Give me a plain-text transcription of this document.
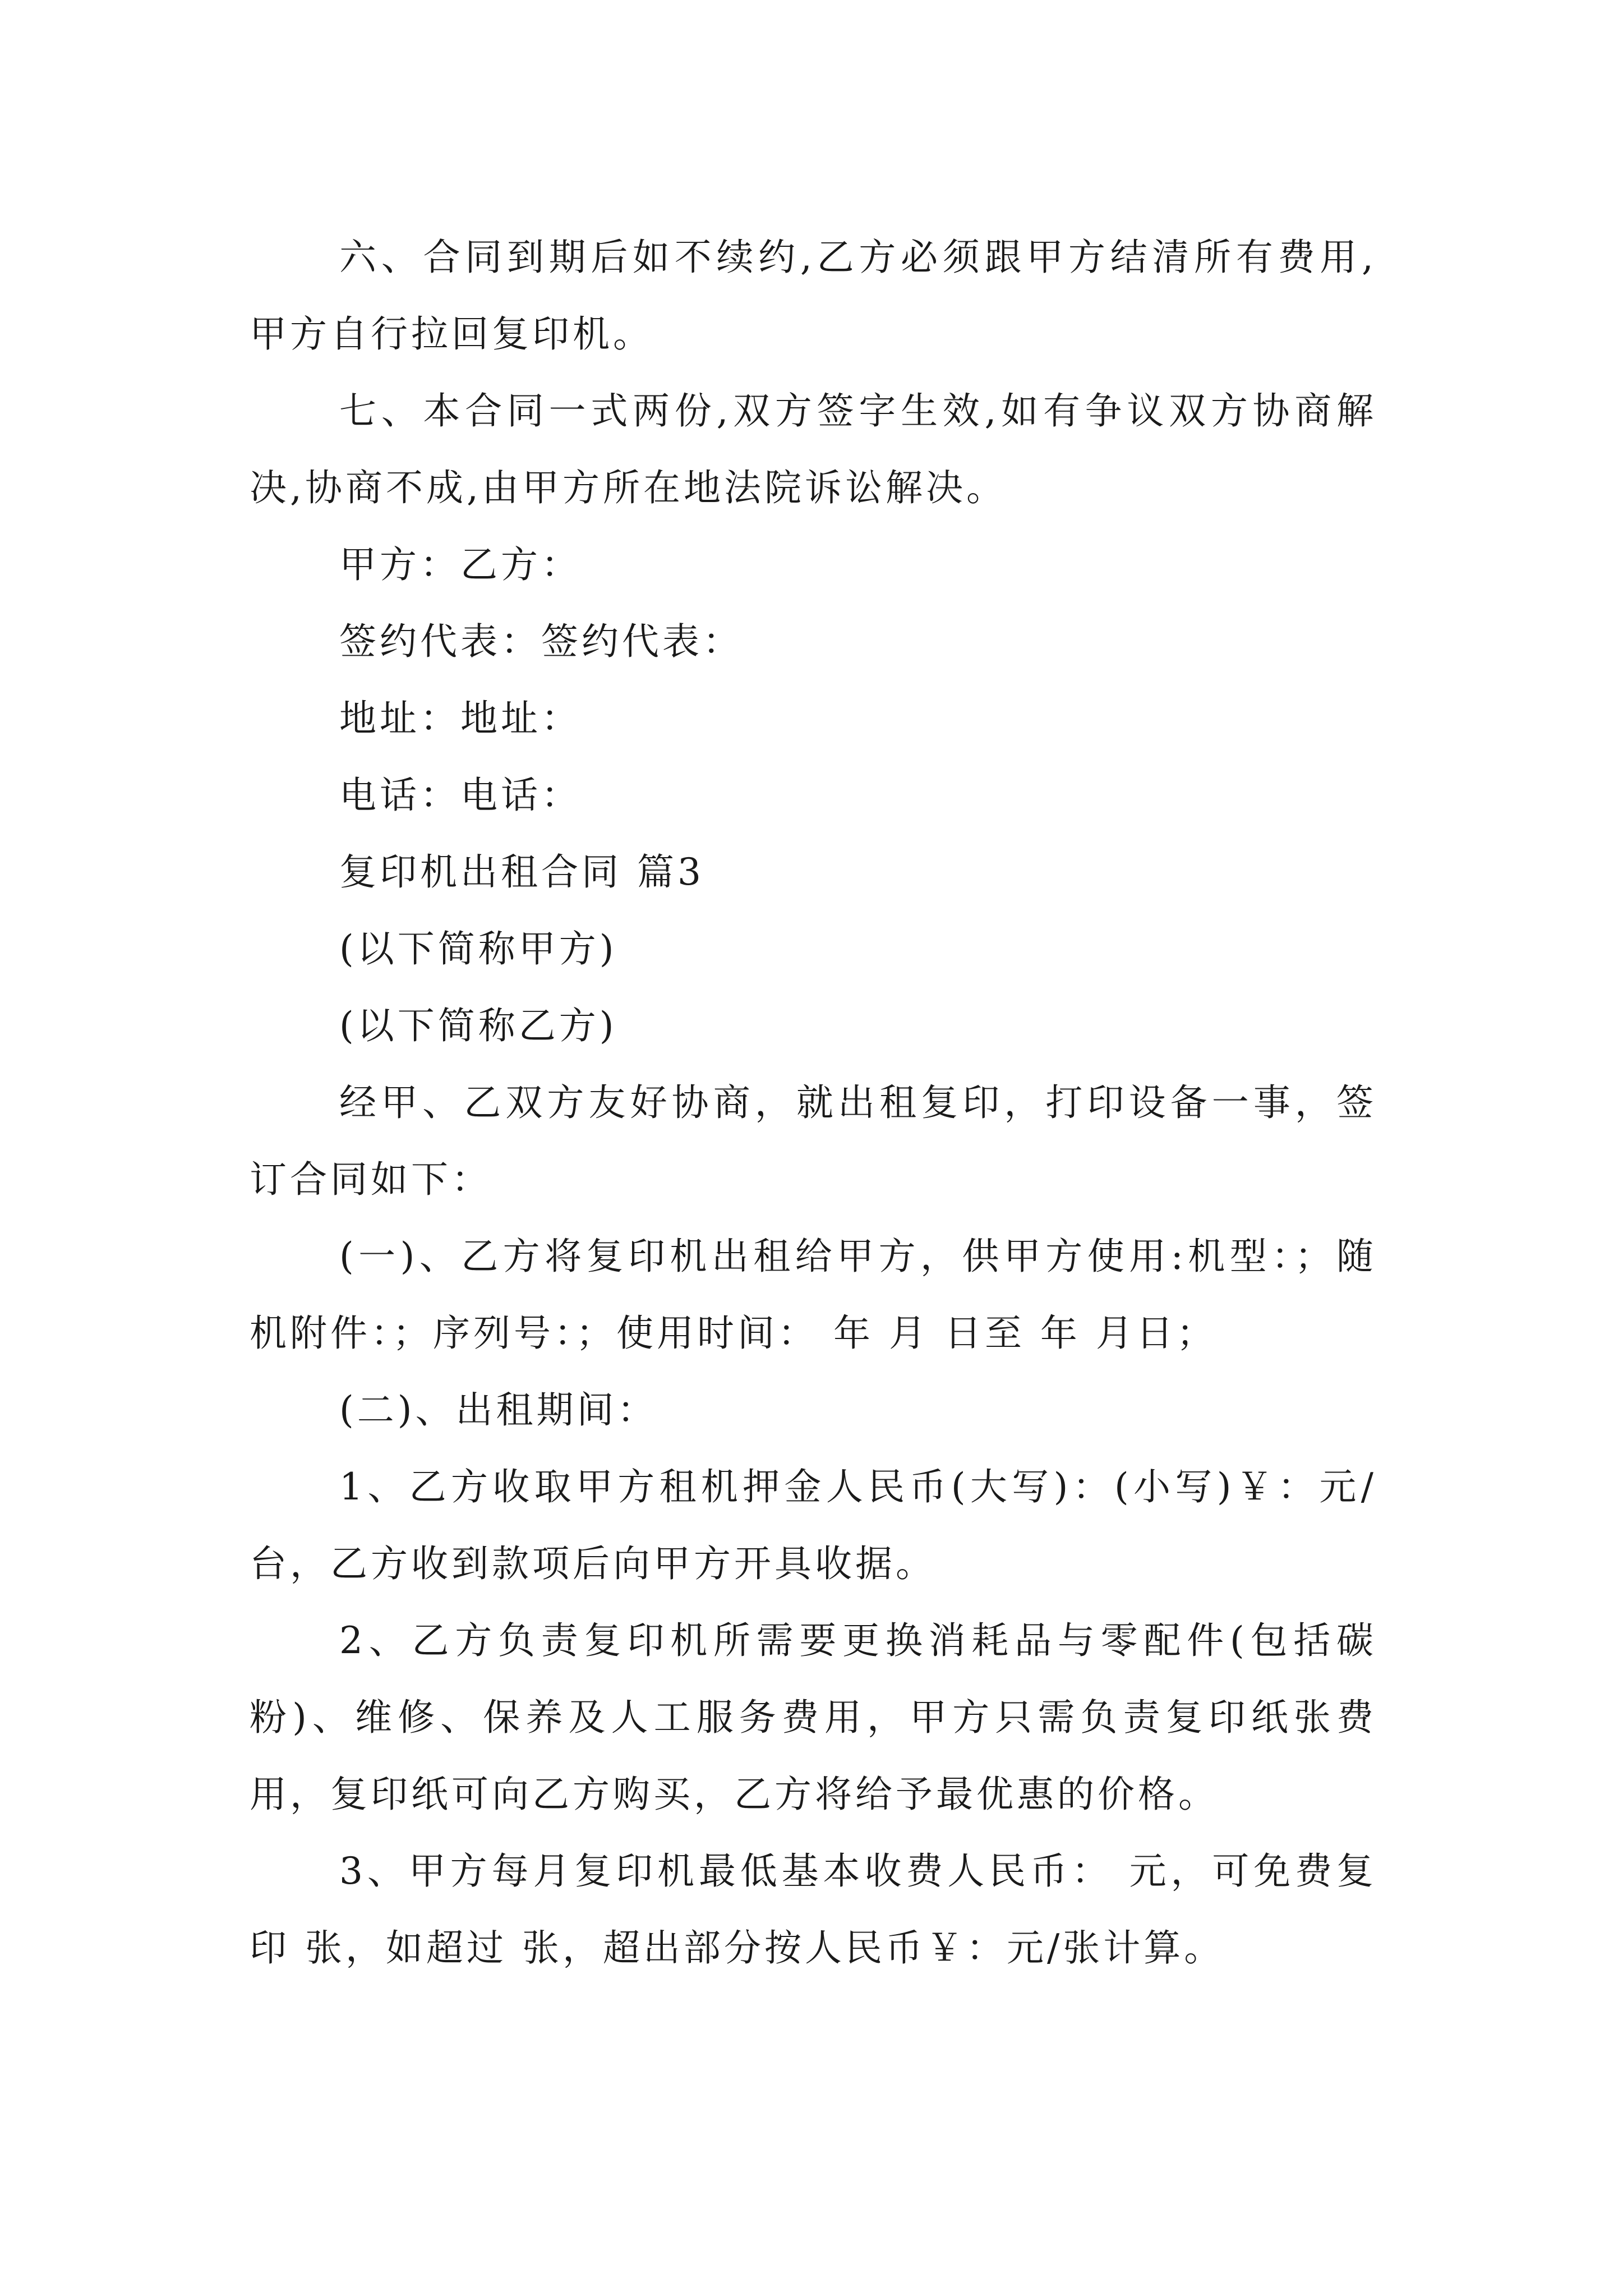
六、合同到期后如不续约,乙方必须跟甲方结清所有费用,甲方自行拉回复印机。

七、本合同一式两份,双方签字生效,如有争议双方协商解决,协商不成,由甲方所在地法院诉讼解决。

甲方：乙方：

签约代表：签约代表：

地址：地址：

电话：电话：

复印机出租合同 篇3

(以下简称甲方)

(以下简称乙方)

经甲、乙双方友好协商，就出租复印，打印设备一事，签订合同如下：

(一)、乙方将复印机出租给甲方，供甲方使用:机型：；随机附件：；序列号：；使用时间： 年 月 日至 年 月日；

(二)、出租期间：

1、乙方收取甲方租机押金人民币(大写)：(小写)￥：元/台，乙方收到款项后向甲方开具收据。

2、乙方负责复印机所需要更换消耗品与零配件(包括碳粉)、维修、保养及人工服务费用，甲方只需负责复印纸张费用，复印纸可向乙方购买，乙方将给予最优惠的价格。

3、甲方每月复印机最低基本收费人民币： 元，可免费复印 张，如超过 张，超出部分按人民币￥：元/张计算。
